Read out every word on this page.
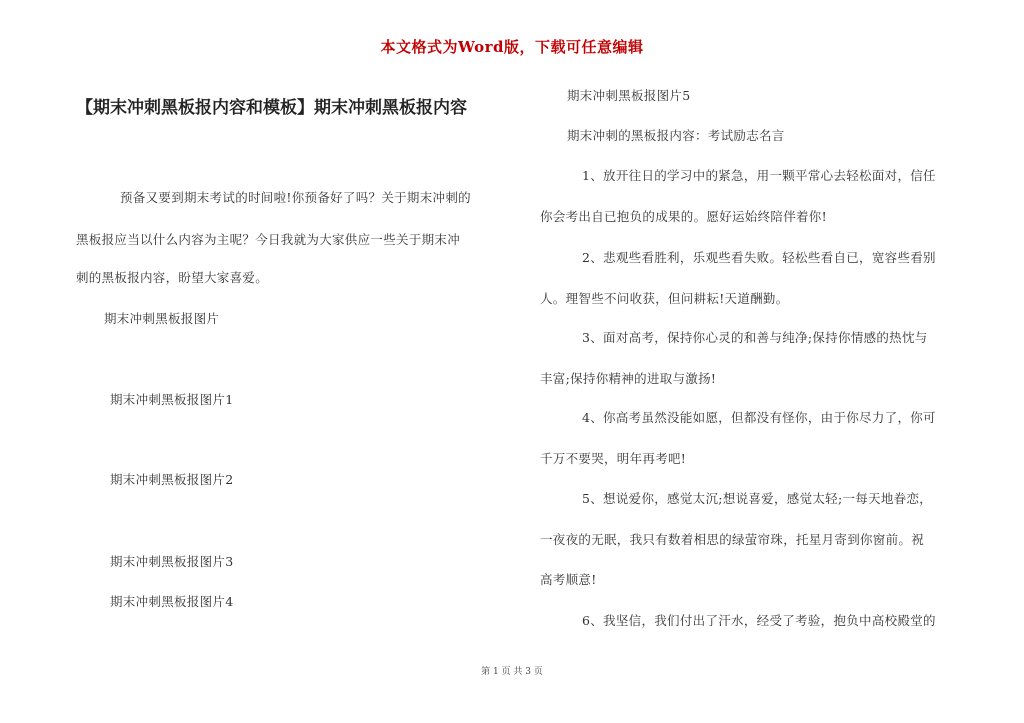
本文格式为Word版，下载可任意编辑
【期末冲刺黑板报内容和模板】期末冲刺黑板报内容
预备又要到期末考试的时间啦!你预备好了吗？关于期末冲刺的
黑板报应当以什么内容为主呢？今日我就为大家供应一些关于期末冲
刺的黑板报内容，盼望大家喜爱。
期末冲刺黑板报图片
期末冲刺黑板报图片1
期末冲刺黑板报图片2
期末冲刺黑板报图片3
期末冲刺黑板报图片4
期末冲刺黑板报图片5
期末冲刺的黑板报内容：考试励志名言
1、放开往日的学习中的紧急，用一颗平常心去轻松面对，信任
你会考出自已抱负的成果的。愿好运始终陪伴着你!
2、悲观些看胜利，乐观些看失败。轻松些看自已，宽容些看别
人。理智些不问收获，但问耕耘!天道酬勤。
3、面对高考，保持你心灵的和善与纯净;保持你情感的热忱与
丰富;保持你精神的进取与激扬!
4、你高考虽然没能如愿，但都没有怪你，由于你尽力了，你可
千万不要哭，明年再考吧!
5、想说爱你，感觉太沉;想说喜爱，感觉太轻;一每天地眷恋，
一夜夜的无眠，我只有数着相思的绿萤帘珠，托星月寄到你窗前。祝
高考顺意!
6、我坚信，我们付出了汗水，经受了考验，抱负中高校殿堂的
第 1 页 共 3 页
